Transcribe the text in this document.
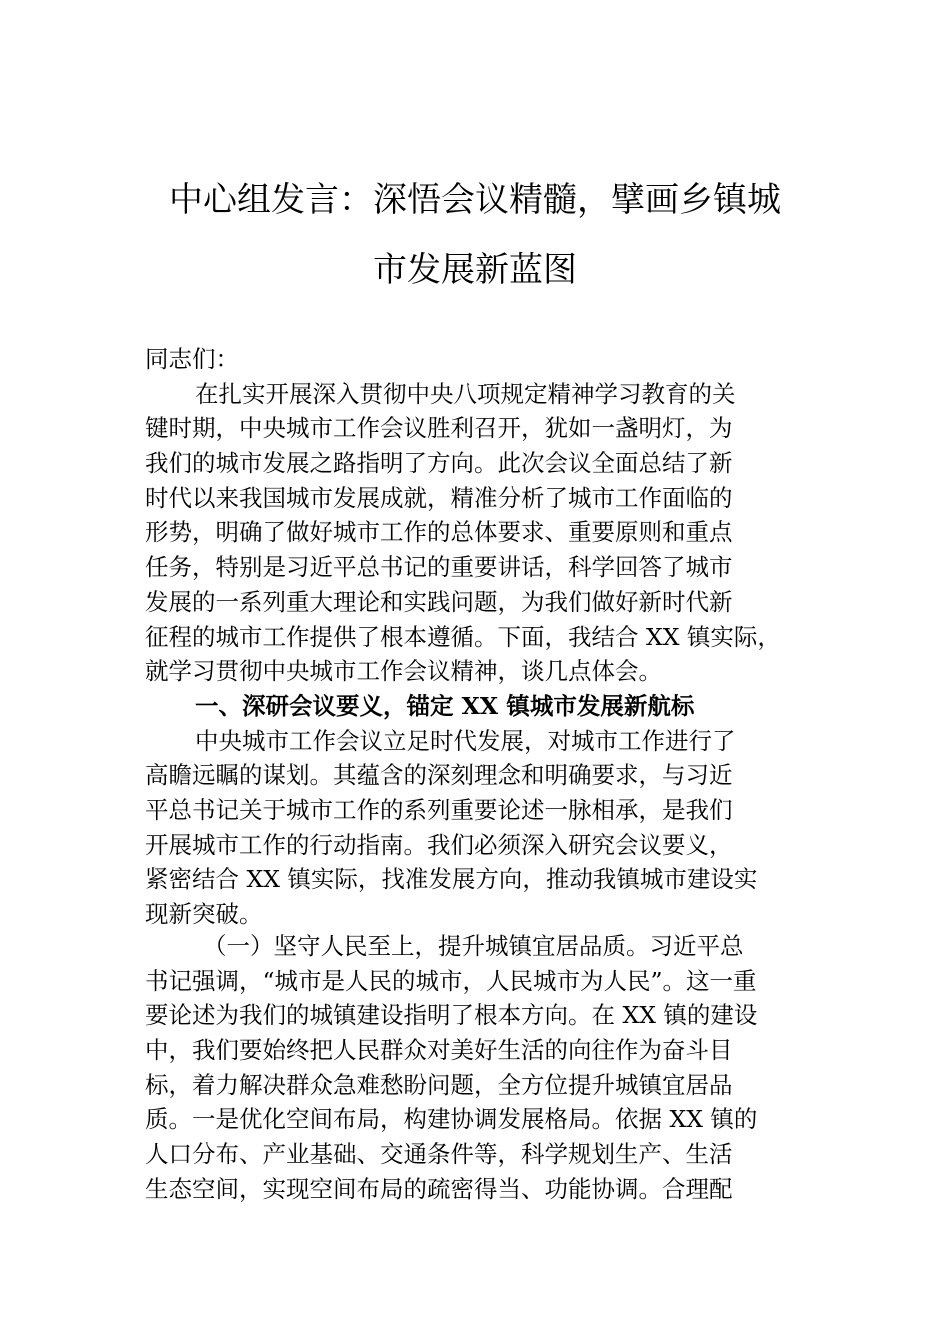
中心组发言：深悟会议精髓，擘画乡镇城
市发展新蓝图
同志们：
在扎实开展深入贯彻中央八项规定精神学习教育的关
键时期，中央城市工作会议胜利召开，犹如一盏明灯，为
我们的城市发展之路指明了方向。此次会议全面总结了新
时代以来我国城市发展成就，精准分析了城市工作面临的
形势，明确了做好城市工作的总体要求、重要原则和重点
任务，特别是习近平总书记的重要讲话，科学回答了城市
发展的一系列重大理论和实践问题，为我们做好新时代新
征程的城市工作提供了根本遵循。下面，我结合 XX 镇实际，
就学习贯彻中央城市工作会议精神，谈几点体会。
一、深研会议要义，锚定 XX 镇城市发展新航标
中央城市工作会议立足时代发展，对城市工作进行了
高瞻远瞩的谋划。其蕴含的深刻理念和明确要求，与习近
平总书记关于城市工作的系列重要论述一脉相承，是我们
开展城市工作的行动指南。我们必须深入研究会议要义，
紧密结合 XX 镇实际，找准发展方向，推动我镇城市建设实
现新突破。
（一）坚守人民至上，提升城镇宜居品质。习近平总
书记强调，“城市是人民的城市，人民城市为人民”。这一重
要论述为我们的城镇建设指明了根本方向。在 XX 镇的建设
中，我们要始终把人民群众对美好生活的向往作为奋斗目
标，着力解决群众急难愁盼问题，全方位提升城镇宜居品
质。一是优化空间布局，构建协调发展格局。依据 XX 镇的
人口分布、产业基础、交通条件等，科学规划生产、生活
生态空间，实现空间布局的疏密得当、功能协调。合理配
